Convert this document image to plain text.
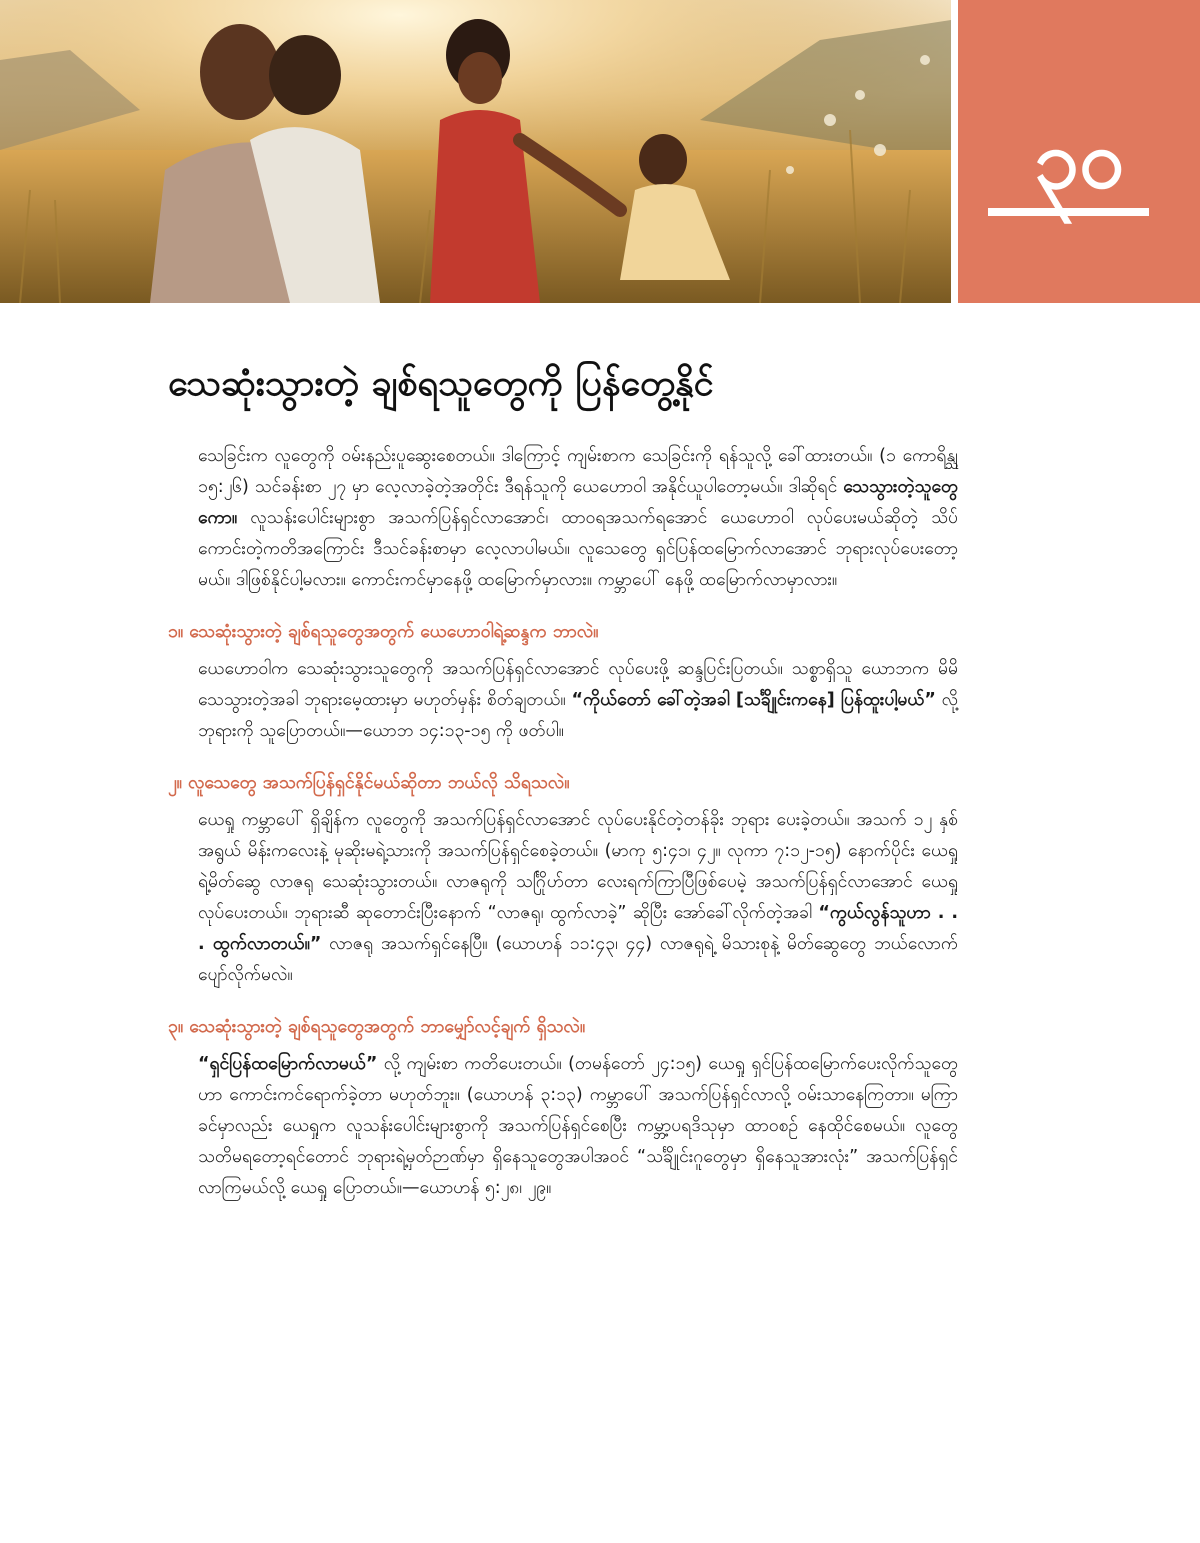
၃၀
သေဆုံးသွားတဲ့ ချစ်ရသူတွေကို ပြန်တွေ့နိုင်

သေခြင်းက လူတွေကို ဝမ်းနည်းပူဆွေးစေတယ်။ ဒါကြောင့် ကျမ်းစာက သေခြင်းကို ရန်သူလို့ ခေါ်ထားတယ်။ (၁ ကောရိန္သု ၁၅:၂၆) သင်ခန်းစာ ၂၇ မှာ လေ့လာခဲ့တဲ့အတိုင်း ဒီရန်သူကို ယေဟောဝါ အနိုင်ယူပါတော့မယ်။ ဒါဆိုရင် သေသွားတဲ့သူတွေကော။ လူသန်းပေါင်းများစွာ အသက်ပြန်ရှင်လာအောင်၊ ထာဝရအသက်ရအောင် ယေဟောဝါ လုပ်ပေးမယ်ဆိုတဲ့ သိပ်ကောင်းတဲ့ကတိအကြောင်း ဒီသင်ခန်းစာမှာ လေ့လာပါမယ်။ လူသေတွေ ရှင်ပြန်ထမြောက်လာအောင် ဘုရားလုပ်ပေးတော့မယ်။ ဒါဖြစ်နိုင်ပါ့မလား။ ကောင်းကင်မှာနေဖို့ ထမြောက်မှာလား။ ကမ္ဘာပေါ် နေဖို့ ထမြောက်လာမှာလား။

၁။ သေဆုံးသွားတဲ့ ချစ်ရသူတွေအတွက် ယေဟောဝါရဲ့ဆန္ဒက ဘာလဲ။

ယေဟောဝါက သေဆုံးသွားသူတွေကို အသက်ပြန်ရှင်လာအောင် လုပ်ပေးဖို့ ဆန္ဒပြင်းပြတယ်။ သစ္စာရှိသူ ယောဘက မိမိသေသွားတဲ့အခါ ဘုရားမေ့ထားမှာ မဟုတ်မှန်း စိတ်ချတယ်။ “ကိုယ်တော် ခေါ်တဲ့အခါ [သင်္ချိုင်းကနေ] ပြန်ထူးပါ့မယ်” လို့ ဘုရားကို သူပြောတယ်။—ယောဘ ၁၄:၁၃-၁၅ ကို ဖတ်ပါ။

၂။ လူသေတွေ အသက်ပြန်ရှင်နိုင်မယ်ဆိုတာ ဘယ်လို သိရသလဲ။

ယေရှု ကမ္ဘာပေါ် ရှိချိန်က လူတွေကို အသက်ပြန်ရှင်လာအောင် လုပ်ပေးနိုင်တဲ့တန်ခိုး ဘုရား ပေးခဲ့တယ်။ အသက် ၁၂ နှစ်အရွယ် မိန်းကလေးနဲ့ မုဆိုးမရဲ့သားကို အသက်ပြန်ရှင်စေခဲ့တယ်။ (မာကု ၅:၄၁၊ ၄၂။ လုကာ ၇:၁၂-၁၅) နောက်ပိုင်း ယေရှုရဲ့မိတ်ဆွေ လာဇရု သေဆုံးသွားတယ်။ လာဇရုကို သင်္ဂြိုဟ်တာ လေးရက်ကြာပြီဖြစ်ပေမဲ့ အသက်ပြန်ရှင်လာအောင် ယေရှု လုပ်ပေးတယ်။ ဘုရားဆီ ဆုတောင်းပြီးနောက် “လာဇရု၊ ထွက်လာခဲ့” ဆိုပြီး အော်ခေါ်လိုက်တဲ့အခါ “ကွယ်လွန်သူဟာ . . . ထွက်လာတယ်။” လာဇရု အသက်ရှင်နေပြီ။ (ယောဟန် ၁၁:၄၃၊ ၄၄) လာဇရုရဲ့ မိသားစုနဲ့ မိတ်ဆွေတွေ ဘယ်လောက် ပျော်လိုက်မလဲ။

၃။ သေဆုံးသွားတဲ့ ချစ်ရသူတွေအတွက် ဘာမျှော်လင့်ချက် ရှိသလဲ။

“ရှင်ပြန်ထမြောက်လာမယ်” လို့ ကျမ်းစာ ကတိပေးတယ်။ (တမန်တော် ၂၄:၁၅) ယေရှု ရှင်ပြန်ထမြောက်ပေးလိုက်သူတွေဟာ ကောင်းကင်ရောက်ခဲ့တာ မဟုတ်ဘူး။ (ယောဟန် ၃:၁၃) ကမ္ဘာပေါ် အသက်ပြန်ရှင်လာလို့ ဝမ်းသာနေကြတာ။ မကြာခင်မှာလည်း ယေရှုက လူသန်းပေါင်းများစွာကို အသက်ပြန်ရှင်စေပြီး ကမ္ဘာ့ပရဒိသုမှာ ထာဝစဉ် နေထိုင်စေမယ်။ လူတွေ သတိမရတော့ရင်တောင် ဘုရားရဲ့မှတ်ဉာဏ်မှာ ရှိနေသူတွေအပါအဝင် “သင်္ချိုင်းဂူတွေမှာ ရှိနေသူအားလုံး” အသက်ပြန်ရှင်လာကြမယ်လို့ ယေရှု ပြောတယ်။—ယောဟန် ၅:၂၈၊ ၂၉။
